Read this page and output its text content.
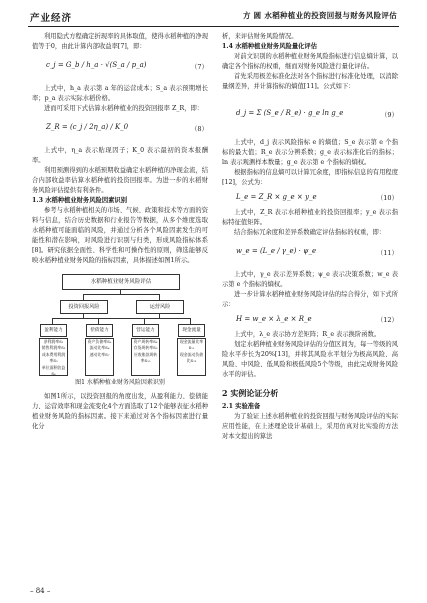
产业经济	方 圆 水稻种植业的投资回报与财务风险评估

利用隐式方程确定折现率的具体取值，使得水稻种植的净现值等于0，由此计算内部收益率[7]，即：

c_j = G_b / h_a · √(S_a / p_a)	（7）

上式中，h_a 表示第 a 年的运营成本；S_a 表示预期增长率；p_a 表示实际水稻价格。

进而可采用下式估算水稻种植业的投资回报率 Z_R，即：

Z_R = (c_j / 2η_a) / K_0	（8）

上式中，η_a 表示贴现因子；K_0 表示最初的资本报酬率。

利用预测得到的水稻预期收益确定水稻种植的净现金流，结合内部收益率估算水稻种植的投资回报率。为进一步的水稻财务风险评估提供有利条件。

1.3 水稻种植业财务风险因素识别

参考与水稻种植相关的市场、气候、政策和技术等方面的资料与信息，结合历史数据和行业报告等数据，从多个维度选取水稻种植可能面临的风险，并通过分析各个风险因素发生的可能性和潜在影响，对风险进行识别与归类，形成风险指标体系[8]。研究依据全面性、科学性和可操作性的原则，筛选能够反映水稻种植业财务风险的指标因素，具体描述如图1所示。

水稻种植业财务风险评估
投资回报风险	运营风险
盈利能力	偿债能力	营运能力	现金流量
净利润率S₁
销售利润率S₂
成本费用利润率S₃
单位面积收益S₄
资产负债率S₅
流动比率S₆
速动比率S₇
资产周转率S₈
存货周转率S₉
应收账款周转率S₁₀
现金流量比率S₁₁
现金流动负债比S₁₂
图1 水稻种植业财务风险因素识别

如图1所示，以投资回报的角度出发，从盈利能力、偿债能力、运营效率和现金流变化4个方面选取了12个能够表征水稻种植业财务风险的指标因素。接下来通过对各个指标因素进行量化分

析，来评估财务风险情况。

1.4 水稻种植业财务风险量化评估

对前文识别的水稻种植业财务风险指标进行信息熵计算，以确定各个指标的权重，继而对财务风险进行量化评估。

首先采用极差标准化法对各个指标进行标准化处理，以消除量纲差异，并计算指标的熵值[11]。公式如下：

d_j = Σ (S_e / R_e) · g_e ln g_e	（9）

上式中，d_j 表示风险指标 e 的熵值；S_e 表示第 e 个指标的最大值；R_e 表示分辨系数；g_e 表示标准化后的指标；ln 表示观测样本数量；g_e 表示第 e 个指标的熵权。

根据指标的信息熵可以计算冗余度，即指标信息的有用程度[12]，公式为：

L_e = Z_R × g_e × y_e	（10）

上式中，Z_R 表示水稻种植业的投资回报率；y_e 表示指标特征值矩阵。

结合指标冗余度和差异系数确定评估指标的权重，即：

w_e = (L_e / γ_e) · ψ_e	（11）

上式中，γ_e 表示差异系数；ψ_e 表示决策系数；w_e 表示第 e 个指标的熵权。

进一步计算水稻种植业财务风险评估的综合得分，如下式所示：

H = w_e × λ_e × R_e	（12）

上式中，λ_e 表示协方差矩阵；R_e 表示换阶函数。

划定水稻种植业财务风险评估的分值区间为，每一等级的风险水平步长为20%[13]，并将其风险水平划分为极高风险、高风险、中风险、低风险和极低风险5个等级，由此完成财务风险水平的评估。

2 实例论证分析

2.1 实验准备

为了验证上述水稻种植业的投资回报与财务风险评估的实际应用性能，在上述理论设计基础上，采用仿真对比实验的方法对本文提出的算法

– 84 –
